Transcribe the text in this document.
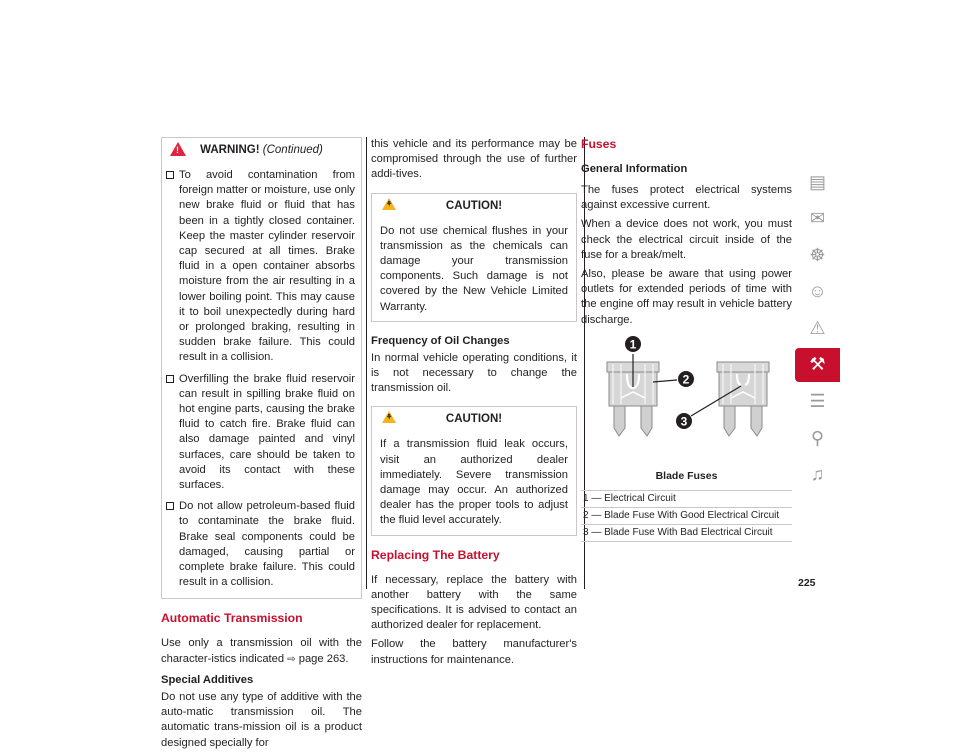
! WARNING! (Continued)
To avoid contamination from foreign matter or moisture, use only new brake fluid or fluid that has been in a tightly closed container. Keep the master cylinder reservoir cap secured at all times. Brake fluid in a open container absorbs moisture from the air resulting in a lower boiling point. This may cause it to boil unexpectedly during hard or prolonged braking, resulting in sudden brake failure. This could result in a collision.
Overfilling the brake fluid reservoir can result in spilling brake fluid on hot engine parts, causing the brake fluid to catch fire. Brake fluid can also damage painted and vinyl surfaces, care should be taken to avoid its contact with these surfaces.
Do not allow petroleum-based fluid to contaminate the brake fluid. Brake seal components could be damaged, causing partial or complete brake failure. This could result in a collision.
Automatic Transmission

Use only a transmission oil with the character-istics indicated ⇨ page 263.

Special Additives

Do not use any type of additive with the auto-matic transmission oil. The automatic trans-mission oil is a product designed specially for

this vehicle and its performance may be compromised through the use of further addi-tives.

⚘	CAUTION!
Do not use chemical flushes in your transmission as the chemicals can damage your transmission components. Such damage is not covered by the New Vehicle Limited Warranty.
Frequency of Oil Changes

In normal vehicle operating conditions, it is not necessary to change the transmission oil.

⚘	CAUTION!
If a transmission fluid leak occurs, visit an authorized dealer immediately. Severe transmission damage may occur. An authorized dealer has the proper tools to adjust the fluid level accurately.
Replacing The Battery

If necessary, replace the battery with another battery with the same specifications. It is advised to contact an authorized dealer for replacement.

Follow the battery manufacturer's instructions for maintenance.

Fuses
General Information

The fuses protect electrical systems against excessive current.

When a device does not work, you must check the electrical circuit inside of the fuse for a break/melt.

Also, please be aware that using power outlets for extended periods of time with the engine off may result in vehicle battery discharge.

1
2
3
Blade Fuses
1 — Electrical Circuit
2 — Blade Fuse With Good Electrical Circuit
3 — Blade Fuse With Bad Electrical Circuit
▤
✉
☸
☺
⚠
⚒
☰
⚲
♫
225
